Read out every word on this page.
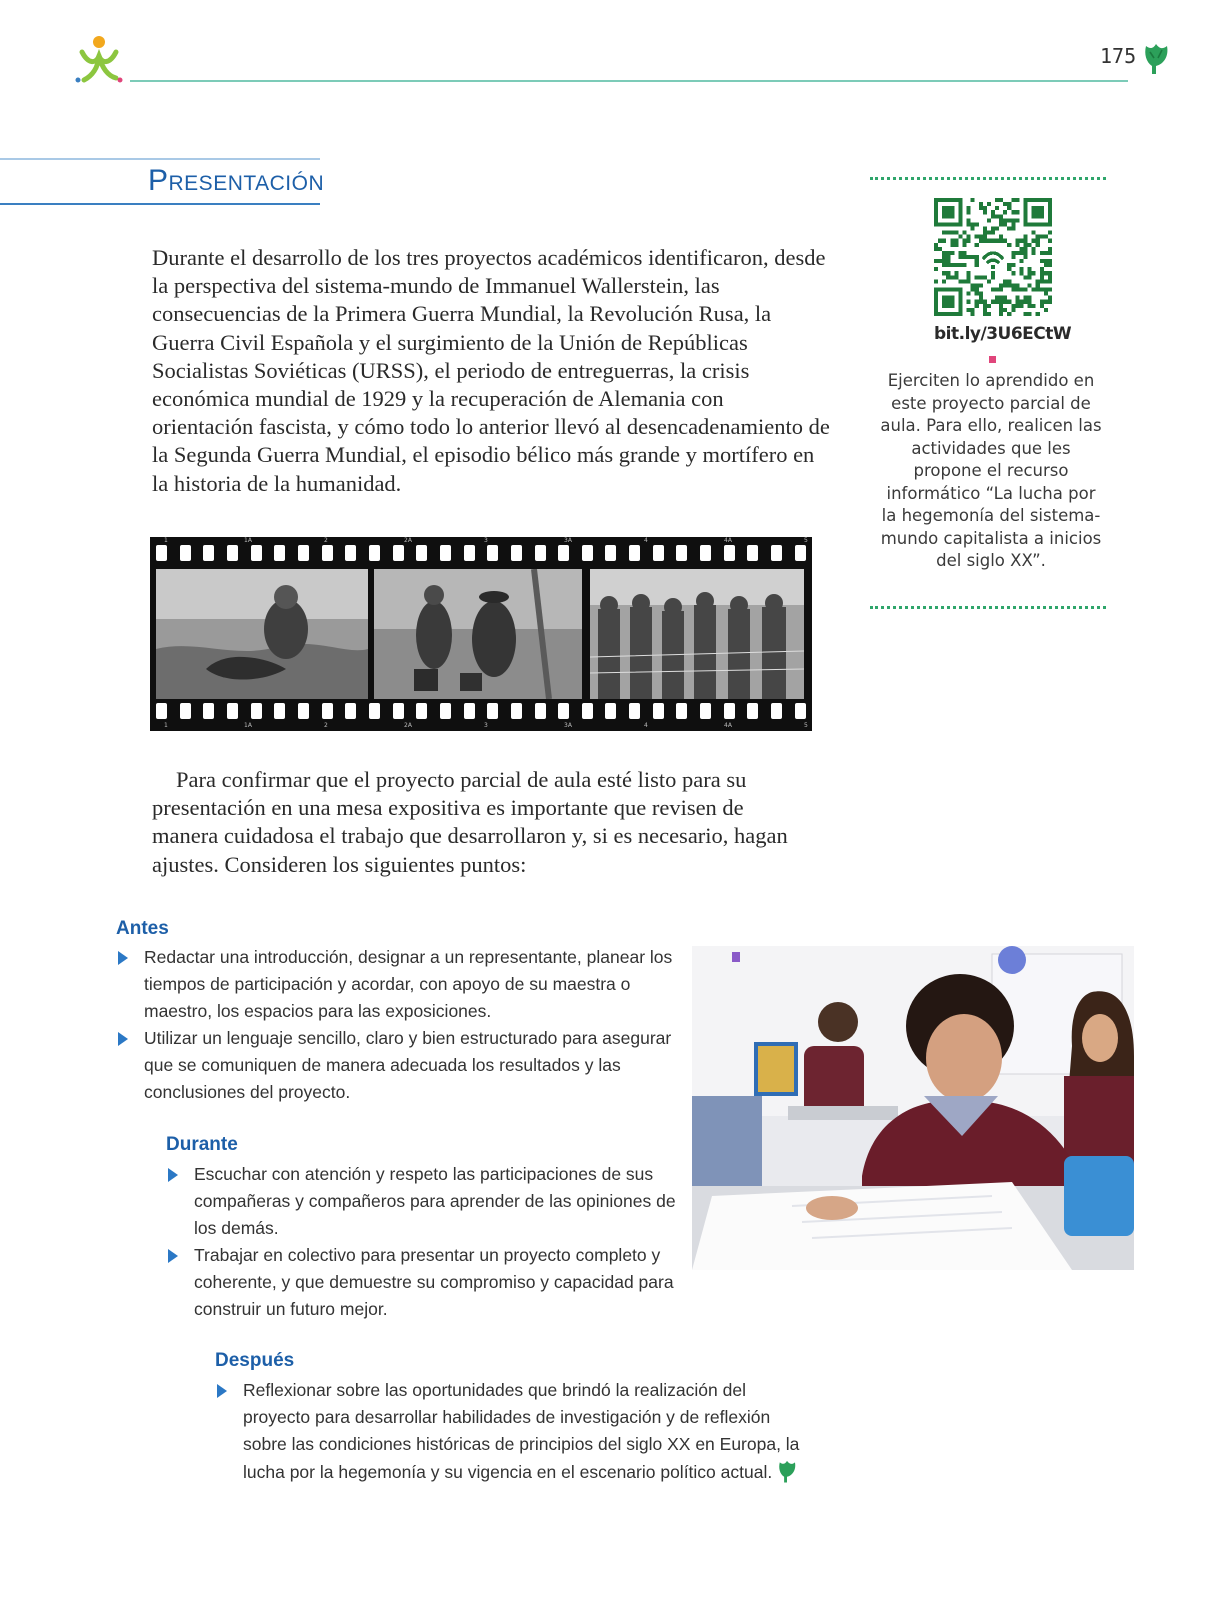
175
Presentación
Durante el desarrollo de los tres proyectos académicos identificaron, desde la perspectiva del sistema-mundo de Immanuel Wallerstein, las consecuencias de la Primera Guerra Mundial, la Revolución Rusa, la Guerra Civil Española y el surgimiento de la Unión de Repúblicas Socialistas Soviéticas (URSS), el periodo de entreguerras, la crisis económica mundial de 1929 y la recuperación de Alemania con orientación fascista, y cómo todo lo anterior llevó al desencadenamiento de la Segunda Guerra Mundial, el episodio bélico más grande y mortífero en la historia de la humanidad.
1	1A	2	2A	3	3A	4	4A	5
1	1A	2	2A	3	3A	4	4A	5
Para confirmar que el proyecto parcial de aula esté listo para su presentación en una mesa expositiva es importante que revisen de manera cuidadosa el trabajo que desarrollaron y, si es necesario, hagan ajustes. Consideren los siguientes puntos:
bit.ly/3U6ECtW
Ejerciten lo aprendido en este proyecto parcial de aula. Para ello, realicen las actividades que les propone el recurso informático “La lucha por la hegemonía del sistema-mundo capitalista a inicios del siglo XX”.
Antes
Redactar una introducción, designar a un representante, planear los tiempos de participación y acordar, con apoyo de su maestra o maestro, los espacios para las exposiciones.
Utilizar un lenguaje sencillo, claro y bien estructurado para asegurar que se comuniquen de manera adecuada los resultados y las conclusiones del proyecto.
Durante
Escuchar con atención y respeto las participaciones de sus compañeras y compañeros para aprender de las opiniones de los demás.
Trabajar en colectivo para presentar un proyecto completo y coherente, y que demuestre su compromiso y capacidad para construir un futuro mejor.
Después
Reflexionar sobre las oportunidades que brindó la realización del proyecto para desarrollar habilidades de investigación y de reflexión sobre las condiciones históricas de principios del siglo XX en Europa, la lucha por la hegemonía y su vigencia en el escenario político actual.
